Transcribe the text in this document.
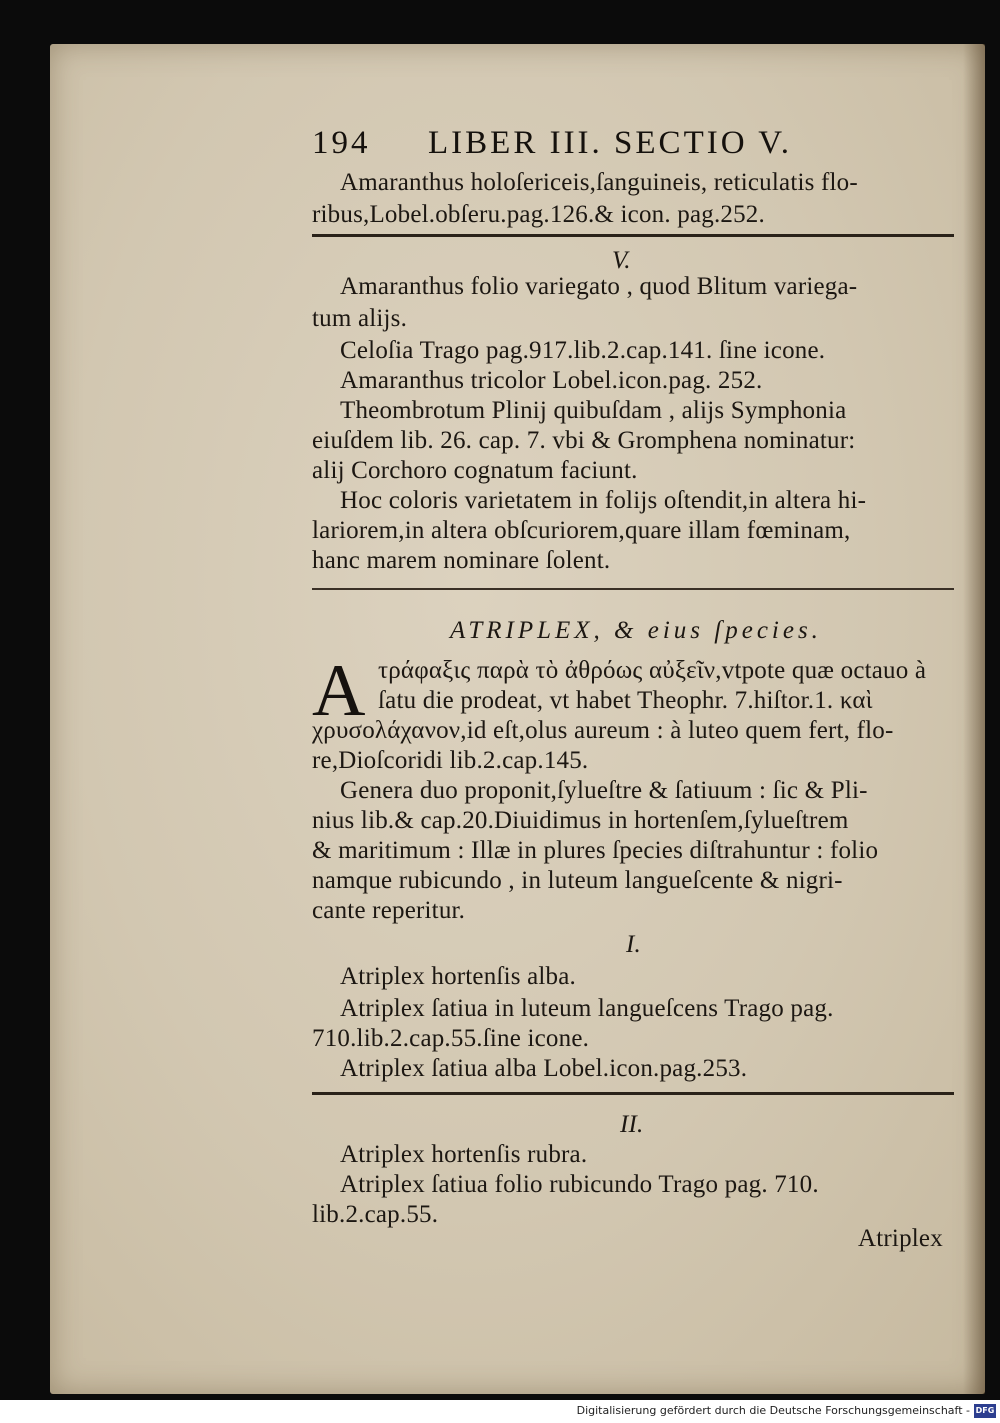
194 LIBER III. SECTIO V.
Amaranthus holoſericeis,ſanguineis, reticulatis flo-
ribus,Lobel.obſeru.pag.126.& icon. pag.252.
V.
Amaranthus folio variegato , quod Blitum variega-
tum alijs.
Celoſia Trago pag.917.lib.2.cap.141. ſine icone.
Amaranthus tricolor Lobel.icon.pag. 252.
Theombrotum Plinij quibuſdam , alijs Symphonia
eiuſdem lib. 26. cap. 7. vbi & Gromphena nominatur:
alij Corchoro cognatum faciunt.
Hoc coloris varietatem in folijs oſtendit,in altera hi-
lariorem,in altera obſcuriorem,quare illam fœminam,
hanc marem nominare ſolent.
ATRIPLEX, & eius ſpecies.
A τράφαξις παρὰ τὸ ἀθρόως αὐξεῖν,vtpote quæ octauo à
ſatu die prodeat, vt habet Theophr. 7.hiſtor.1. καὶ
χρυσολάχανον,id eſt,olus aureum : à luteo quem fert, flo-
re,Dioſcoridi lib.2.cap.145.
Genera duo proponit,ſylueſtre & ſatiuum : ſic & Pli-
nius lib.& cap.20.Diuidimus in hortenſem,ſylueſtrem
& maritimum : Illæ in plures ſpecies diſtrahuntur : folio
namque rubicundo , in luteum langueſcente & nigri-
cante reperitur.
I.
Atriplex hortenſis alba.
Atriplex ſatiua in luteum langueſcens Trago pag.
710.lib.2.cap.55.ſine icone.
Atriplex ſatiua alba Lobel.icon.pag.253.
II.
Atriplex hortenſis rubra.
Atriplex ſatiua folio rubicundo Trago pag. 710.
lib.2.cap.55.
Atriplex
Digitalisierung gefördert durch die Deutsche Forschungsgemeinschaft - DFG
